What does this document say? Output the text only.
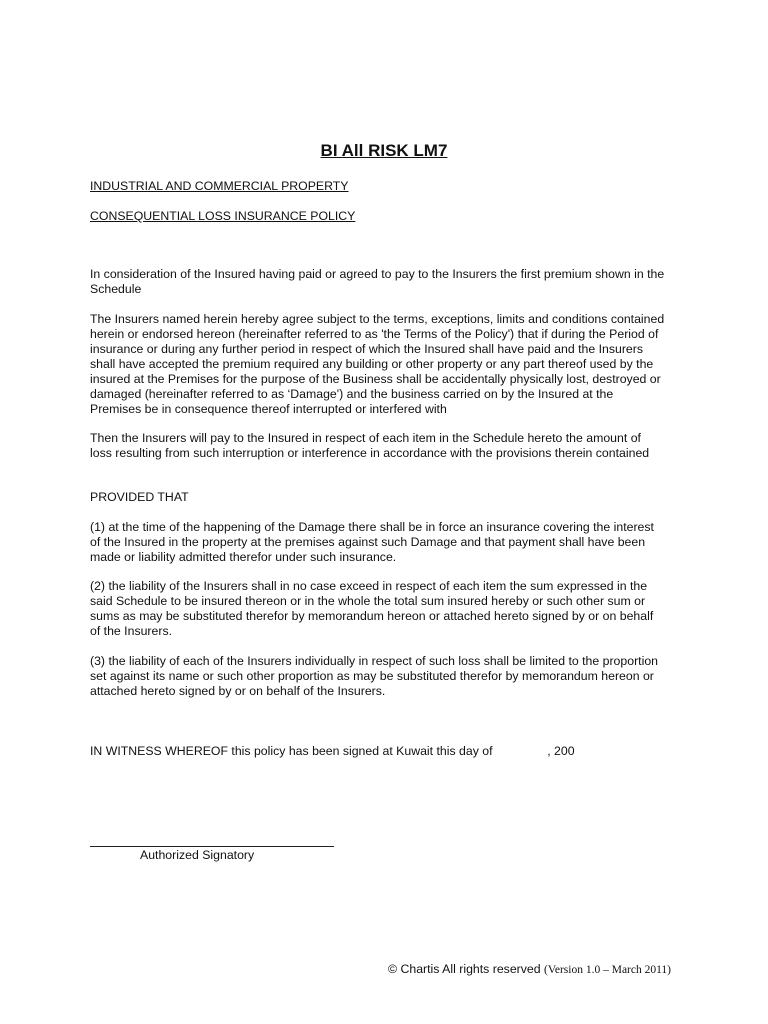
BI All RISK LM7
INDUSTRIAL AND COMMERCIAL PROPERTY
CONSEQUENTIAL LOSS INSURANCE POLICY
In consideration of the Insured having paid or agreed to pay to the Insurers the first premium shown in the
Schedule
The Insurers named herein hereby agree subject to the terms, exceptions, limits and conditions contained
herein or endorsed hereon (hereinafter referred to as 'the Terms of the Policy') that if during the Period of
insurance or during any further period in respect of which the Insured shall have paid and the Insurers
shall have accepted the premium required any building or other property or any part thereof used by the
insured at the Premises for the purpose of the Business shall be accidentally physically lost, destroyed or
damaged (hereinafter referred to as ‘Damage') and the business carried on by the Insured at the
Premises be in consequence thereof interrupted or interfered with
Then the Insurers will pay to the Insured in respect of each item in the Schedule hereto the amount of
loss resulting from such interruption or interference in accordance with the provisions therein contained
PROVIDED THAT
(1) at the time of the happening of the Damage there shall be in force an insurance covering the interest
of the Insured in the property at the premises against such Damage and that payment shall have been
made or liability admitted therefor under such insurance.
(2) the liability of the Insurers shall in no case exceed in respect of each item the sum expressed in the
said Schedule to be insured thereon or in the whole the total sum insured hereby or such other sum or
sums as may be substituted therefor by memorandum hereon or attached hereto signed by or on behalf
of the Insurers.
(3) the liability of each of the Insurers individually in respect of such loss shall be limited to the proportion
set against its name or such other proportion as may be substituted therefor by memorandum hereon or
attached hereto signed by or on behalf of the Insurers.
IN WITNESS WHEREOF this policy has been signed at Kuwait this day of                , 200
Authorized Signatory
© Chartis All rights reserved (Version 1.0 – March 2011)
